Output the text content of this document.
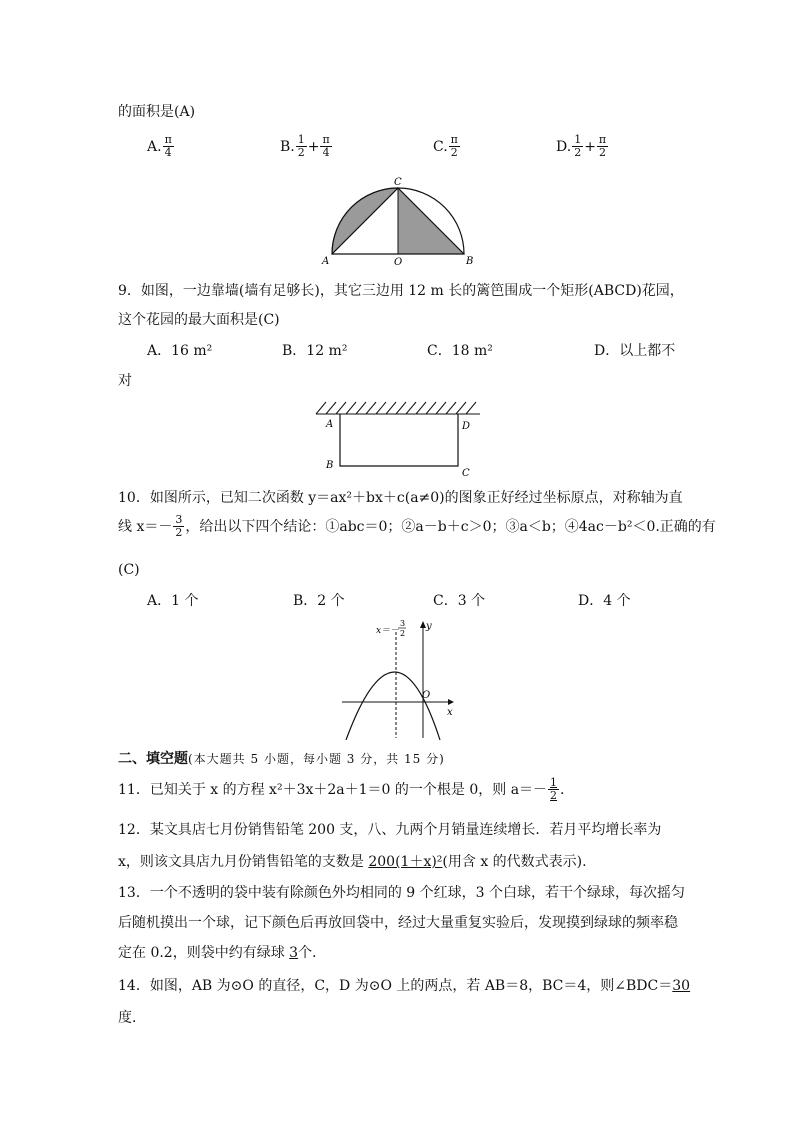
的面积是(A)
A. $\frac{\pi}{4}$	B. $\frac{1}{2} + \frac{\pi}{4}$	C. $\frac{\pi}{2}$	D. $\frac{1}{2} + \frac{\pi}{2}$
A	B
C
O
9．如图，一边靠墙(墙有足够长)，其它三边用 12 m 长的篱笆围成一个矩形(ABCD)花园，
这个花园的最大面积是(C)
A．16 m²	B．12 m²	C．18 m²	D．以上都不
对
A
B
C
D
10．如图所示，已知二次函数 y＝ax²＋bx＋c(a≠0)的图象正好经过坐标原点，对称轴为直
线 $x=- \frac{3}{2}$ ，给出以下四个结论：①abc＝0；②a－b＋c＞0；③a＜b；④4ac－b²＜0.正确的有
(C)
A．1 个	B．2 个	C．3 个	D．4 个
x＝－
3
2
y
x
O
二、填空题(本大题共 5 小题，每小题 3 分，共 15 分)
11．已知关于 x 的方程 x²＋3x＋2a＋1＝0 的一个根是 0，则 $a=- \frac{1}{2}$ .
12．某文具店七月份销售铅笔 200 支，八、九两个月销量连续增长．若月平均增长率为
x，则该文具店九月份销售铅笔的支数是 200(1＋x)²(用含 x 的代数式表示).
13．一个不透明的袋中装有除颜色外均相同的 9 个红球，3 个白球，若干个绿球，每次摇匀
后随机摸出一个球，记下颜色后再放回袋中，经过大量重复实验后，发现摸到绿球的频率稳
定在 0.2，则袋中约有绿球 3个．
14．如图，AB 为⊙O 的直径，C，D 为⊙O 上的两点，若 AB＝8，BC＝4，则∠BDC＝30
度．
